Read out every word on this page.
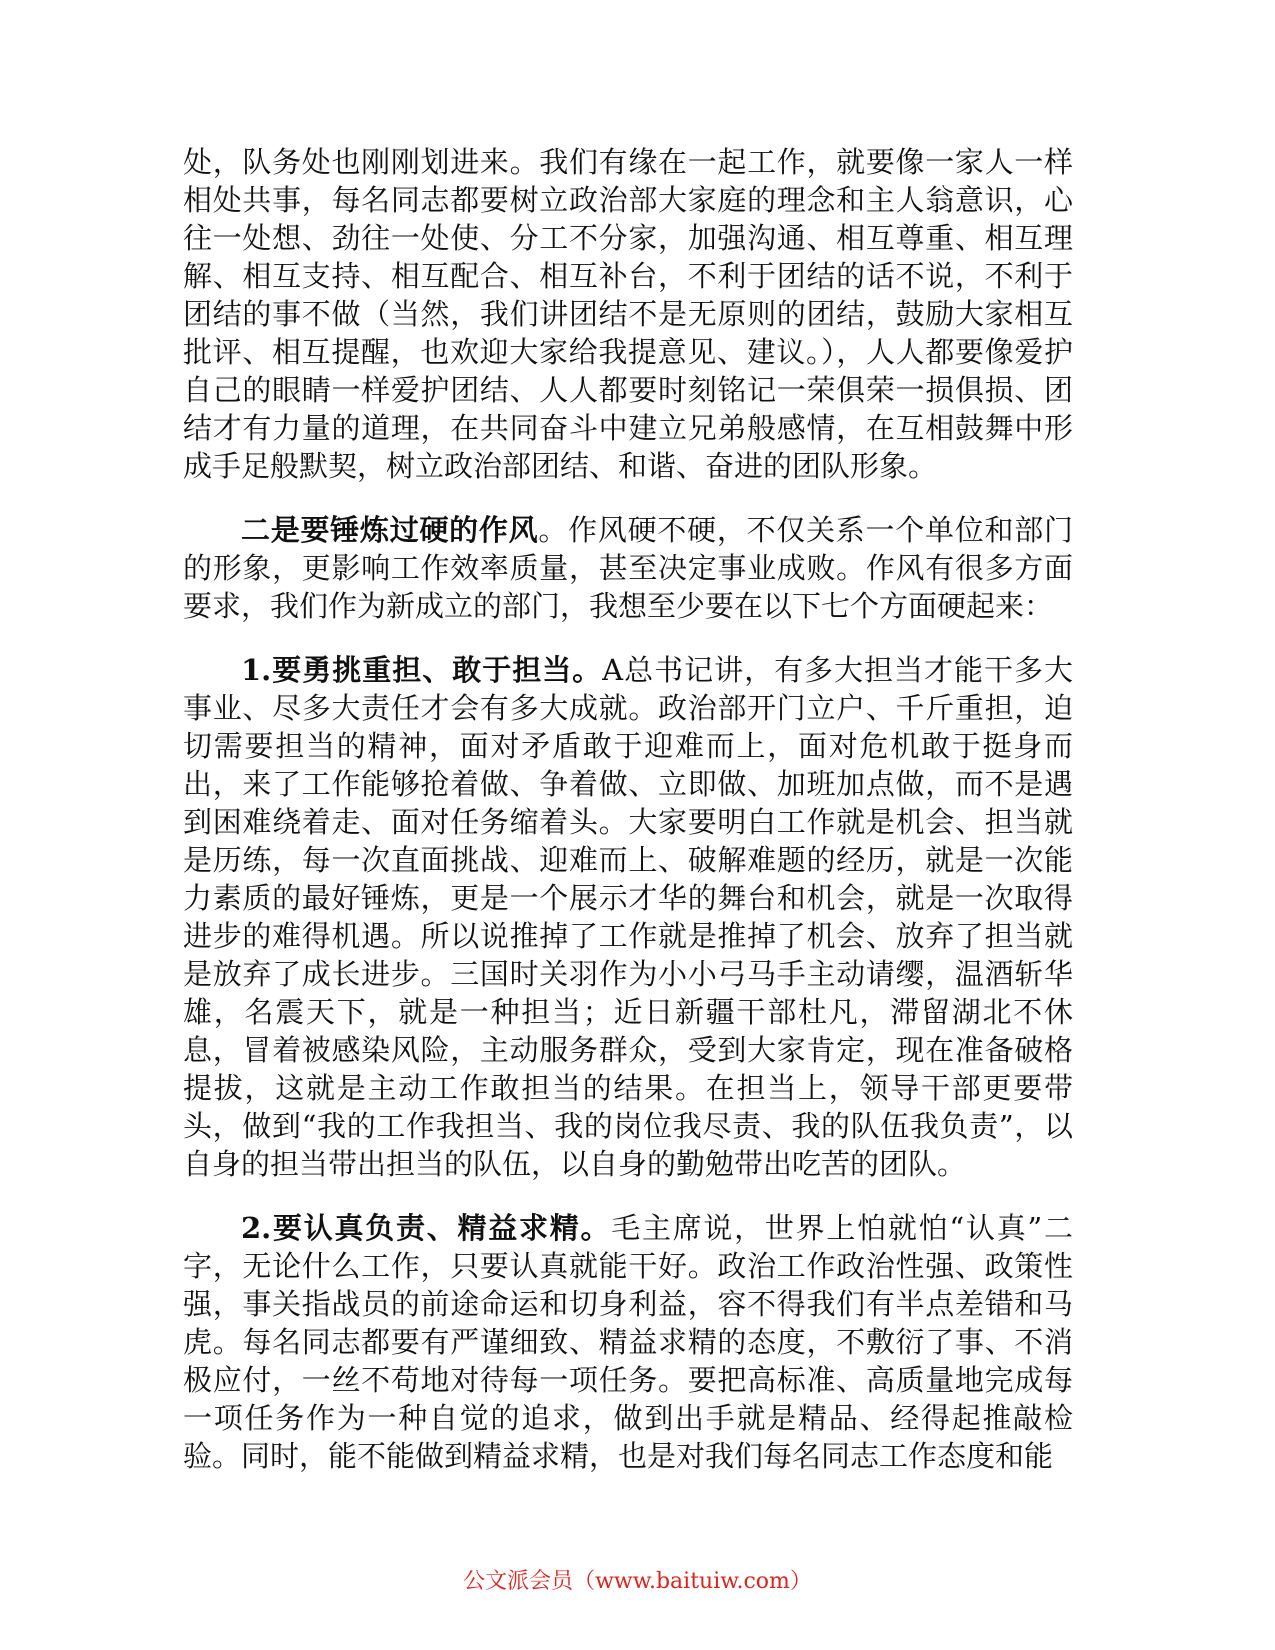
处，队务处也刚刚划进来。我们有缘在一起工作，就要像一家人一样相处共事，每名同志都要树立政治部大家庭的理念和主人翁意识，心往一处想、劲往一处使、分工不分家，加强沟通、相互尊重、相互理解、相互支持、相互配合、相互补台，不利于团结的话不说，不利于团结的事不做（当然，我们讲团结不是无原则的团结，鼓励大家相互批评、相互提醒，也欢迎大家给我提意见、建议。），人人都要像爱护自己的眼睛一样爱护团结、人人都要时刻铭记一荣俱荣一损俱损、团结才有力量的道理，在共同奋斗中建立兄弟般感情，在互相鼓舞中形成手足般默契，树立政治部团结、和谐、奋进的团队形象。

二是要锤炼过硬的作风。作风硬不硬，不仅关系一个单位和部门的形象，更影响工作效率质量，甚至决定事业成败。作风有很多方面要求，我们作为新成立的部门，我想至少要在以下七个方面硬起来：

1.要勇挑重担、敢于担当。A总书记讲，有多大担当才能干多大事业、尽多大责任才会有多大成就。政治部开门立户、千斤重担，迫切需要担当的精神，面对矛盾敢于迎难而上，面对危机敢于挺身而出，来了工作能够抢着做、争着做、立即做、加班加点做，而不是遇到困难绕着走、面对任务缩着头。大家要明白工作就是机会、担当就是历练，每一次直面挑战、迎难而上、破解难题的经历，就是一次能力素质的最好锤炼，更是一个展示才华的舞台和机会，就是一次取得进步的难得机遇。所以说推掉了工作就是推掉了机会、放弃了担当就是放弃了成长进步。三国时关羽作为小小弓马手主动请缨，温酒斩华雄，名震天下，就是一种担当；近日新疆干部杜凡，滞留湖北不休息，冒着被感染风险，主动服务群众，受到大家肯定，现在准备破格提拔，这就是主动工作敢担当的结果。在担当上，领导干部更要带头，做到“我的工作我担当、我的岗位我尽责、我的队伍我负责”，以自身的担当带出担当的队伍，以自身的勤勉带出吃苦的团队。

2.要认真负责、精益求精。毛主席说，世界上怕就怕“认真”二字，无论什么工作，只要认真就能干好。政治工作政治性强、政策性强，事关指战员的前途命运和切身利益，容不得我们有半点差错和马虎。每名同志都要有严谨细致、精益求精的态度，不敷衍了事、不消极应付，一丝不苟地对待每一项任务。要把高标准、高质量地完成每一项任务作为一种自觉的追求，做到出手就是精品、经得起推敲检验。同时，能不能做到精益求精，也是对我们每名同志工作态度和能

公文派会员（www.baituiw.com）
